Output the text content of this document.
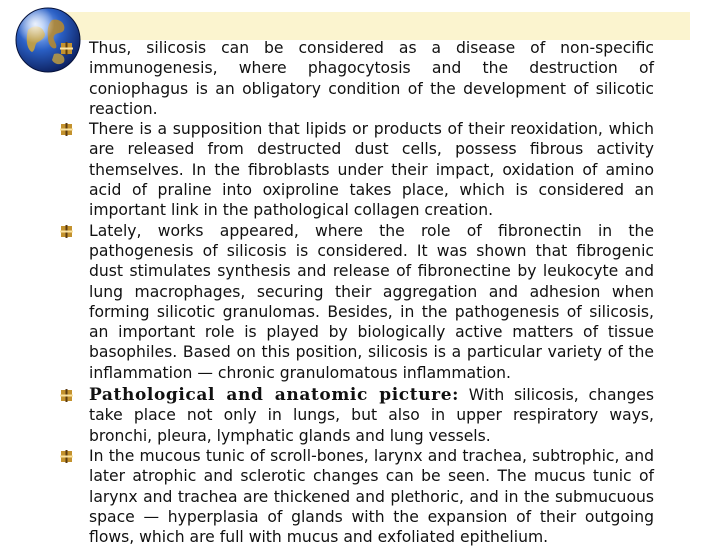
Thus, silicosis can be considered as a disease of non-specific immunogenesis, where phagocytosis and the destruction of coniophagus is an obligatory condition of the development of silicotic reaction.
There is a supposition that lipids or products of their reoxidation, which are released from destructed dust cells, possess fibrous activity themselves. In the fibroblasts under their impact, oxidation of amino acid of praline into oxiproline takes place, which is considered an important link in the pathological collagen creation.
Lately, works appeared, where the role of fibronectin in the pathogenesis of silicosis is considered. It was shown that fibrogenic dust stimulates synthesis and release of fibronectine by leukocyte and lung macrophages, securing their aggregation and adhesion when forming silicotic granulomas. Besides, in the pathogenesis of silicosis, an important role is played by biologically active matters of tissue basophiles. Based on this position, silicosis is a particular variety of the inflammation — chronic granulomatous inflammation.
Pathological and anatomic picture: With silicosis, changes take place not only in lungs, but also in upper respiratory ways, bronchi, pleura, lymphatic glands and lung vessels.
In the mucous tunic of scroll-bones, larynx and trachea, subtrophic, and later atrophic and sclerotic changes can be seen. The mucus tunic of larynx and trachea are thickened and plethoric, and in the submucuous space — hyperplasia of glands with the expansion of their outgoing flows, which are full with mucus and exfoliated epithelium.
